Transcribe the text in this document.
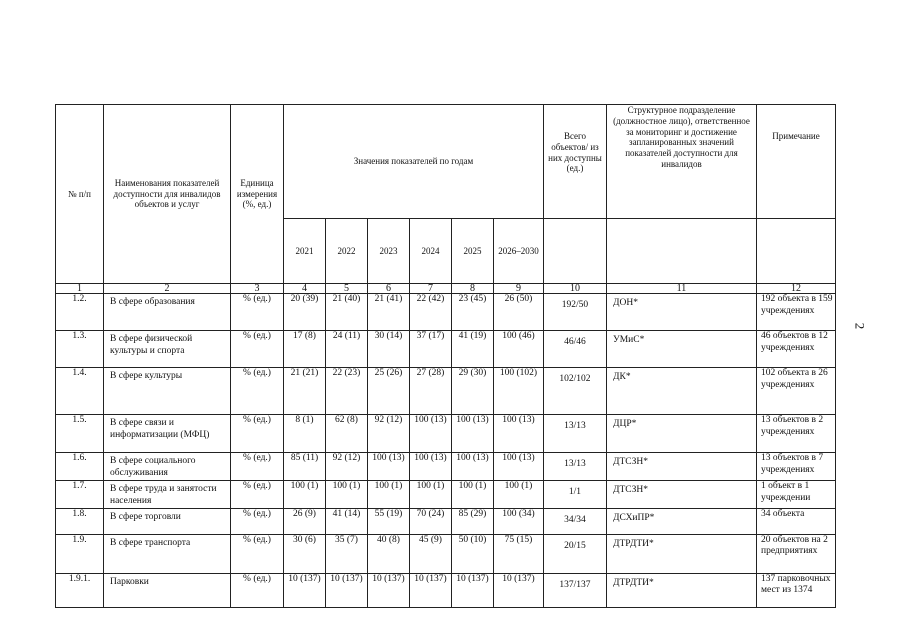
2
№ п/п	Наименования показателей доступности для инвалидов объектов и услуг	Единица измерения (%, ед.)	Значения показателей по годам						Всего объектов/ из них доступны (ед.)	Структурное подразделение (должностное лицо), ответственное за мониторинг и достижение запланированных значений показателей доступности для инвалидов	Примечание
			2021	2022	2023	2024	2025	2026–2030			
1	2	3	4	5	6	7	8	9	10	11	12
1.2.	В сфере образования	% (ед.)	20 (39)	21 (40)	21 (41)	22 (42)	23 (45)	26 (50)	192/50	ДОН*	192 объекта в 159 учреждениях
1.3.	В сфере физической культуры и спорта	% (ед.)	17 (8)	24 (11)	30 (14)	37 (17)	41 (19)	100 (46)	46/46	УМиС*	46 объектов в 12 учреждениях
1.4.	В сфере культуры	% (ед.)	21 (21)	22 (23)	25 (26)	27 (28)	29 (30)	100 (102)	102/102	ДК*	102 объекта в 26 учреждениях
1.5.	В сфере связи и информатизации (МФЦ)	% (ед.)	8 (1)	62 (8)	92 (12)	100 (13)	100 (13)	100 (13)	13/13	ДЦР*	13 объектов в 2 учреждениях
1.6.	В сфере социального обслуживания	% (ед.)	85 (11)	92 (12)	100 (13)	100 (13)	100 (13)	100 (13)	13/13	ДТСЗН*	13 объектов в 7 учреждениях
1.7.	В сфере труда и занятости населения	% (ед.)	100 (1)	100 (1)	100 (1)	100 (1)	100 (1)	100 (1)	1/1	ДТСЗН*	1 объект в 1 учреждении
1.8.	В сфере торговли	% (ед.)	26 (9)	41 (14)	55 (19)	70 (24)	85 (29)	100 (34)	34/34	ДСХиПР*	34 объекта
1.9.	В сфере транспорта	% (ед.)	30 (6)	35 (7)	40 (8)	45 (9)	50 (10)	75 (15)	20/15	ДТРДТИ*	20 объектов на 2 предприятиях
1.9.1.	Парковки	% (ед.)	10 (137)	10 (137)	10 (137)	10 (137)	10 (137)	10 (137)	137/137	ДТРДТИ*	137 парковочных мест из 1374
